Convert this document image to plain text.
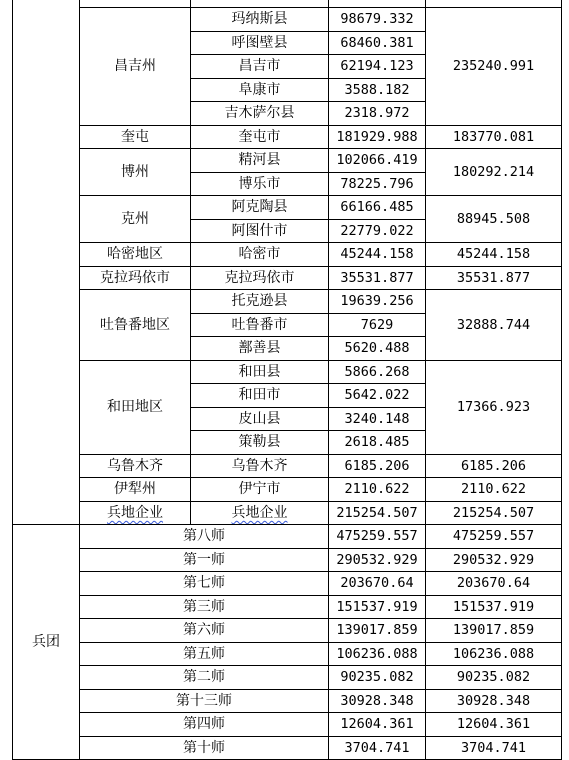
	昌吉州	玛纳斯县	98679.332	235240.991
		呼图壁县	68460.381	
		昌吉市	62194.123	
		阜康市	3588.182	
		吉木萨尔县	2318.972	
	奎屯	奎屯市	181929.988	183770.081
	博州	精河县	102066.419	180292.214
		博乐市	78225.796	
	克州	阿克陶县	66166.485	88945.508
		阿图什市	22779.022	
	哈密地区	哈密市	45244.158	45244.158
	克拉玛依市	克拉玛依市	35531.877	35531.877
	吐鲁番地区	托克逊县	19639.256	32888.744
		吐鲁番市	7629	
		鄯善县	5620.488	
	和田地区	和田县	5866.268	17366.923
		和田市	5642.022	
		皮山县	3240.148	
		策勒县	2618.485	
	乌鲁木齐	乌鲁木齐	6185.206	6185.206
	伊犁州	伊宁市	2110.622	2110.622
	兵地企业	兵地企业	215254.507	215254.507
兵团	第八师		475259.557	475259.557
	第一师		290532.929	290532.929
	第七师		203670.64	203670.64
	第三师		151537.919	151537.919
	第六师		139017.859	139017.859
	第五师		106236.088	106236.088
	第二师		90235.082	90235.082
	第十三师		30928.348	30928.348
	第四师		12604.361	12604.361
	第十师		3704.741	3704.741
